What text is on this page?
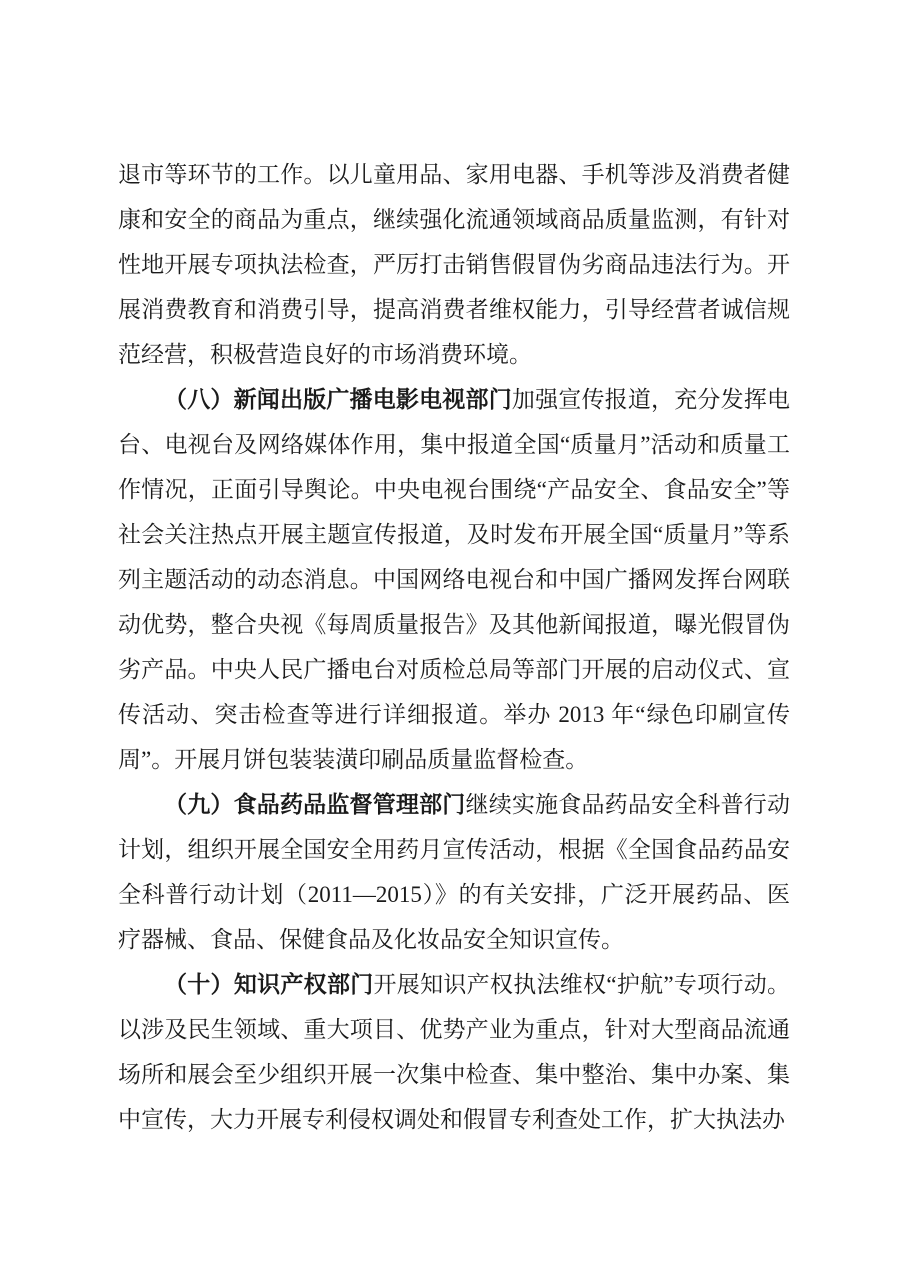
退市等环节的工作。以儿童用品、家用电器、手机等涉及消费者健康和安全的商品为重点，继续强化流通领域商品质量监测，有针对性地开展专项执法检查，严厉打击销售假冒伪劣商品违法行为。开展消费教育和消费引导，提高消费者维权能力，引导经营者诚信规范经营，积极营造良好的市场消费环境。

（八）新闻出版广播电影电视部门加强宣传报道，充分发挥电台、电视台及网络媒体作用，集中报道全国“质量月”活动和质量工作情况，正面引导舆论。中央电视台围绕“产品安全、食品安全”等社会关注热点开展主题宣传报道，及时发布开展全国“质量月”等系列主题活动的动态消息。中国网络电视台和中国广播网发挥台网联动优势，整合央视《每周质量报告》及其他新闻报道，曝光假冒伪劣产品。中央人民广播电台对质检总局等部门开展的启动仪式、宣传活动、突击检查等进行详细报道。举办 2013 年“绿色印刷宣传周”。开展月饼包装装潢印刷品质量监督检查。

（九）食品药品监督管理部门继续实施食品药品安全科普行动计划，组织开展全国安全用药月宣传活动，根据《全国食品药品安全科普行动计划（2011—2015）》的有关安排，广泛开展药品、医疗器械、食品、保健食品及化妆品安全知识宣传。

（十）知识产权部门开展知识产权执法维权“护航”专项行动。以涉及民生领域、重大项目、优势产业为重点，针对大型商品流通场所和展会至少组织开展一次集中检查、集中整治、集中办案、集中宣传，大力开展专利侵权调处和假冒专利查处工作，扩大执法办
